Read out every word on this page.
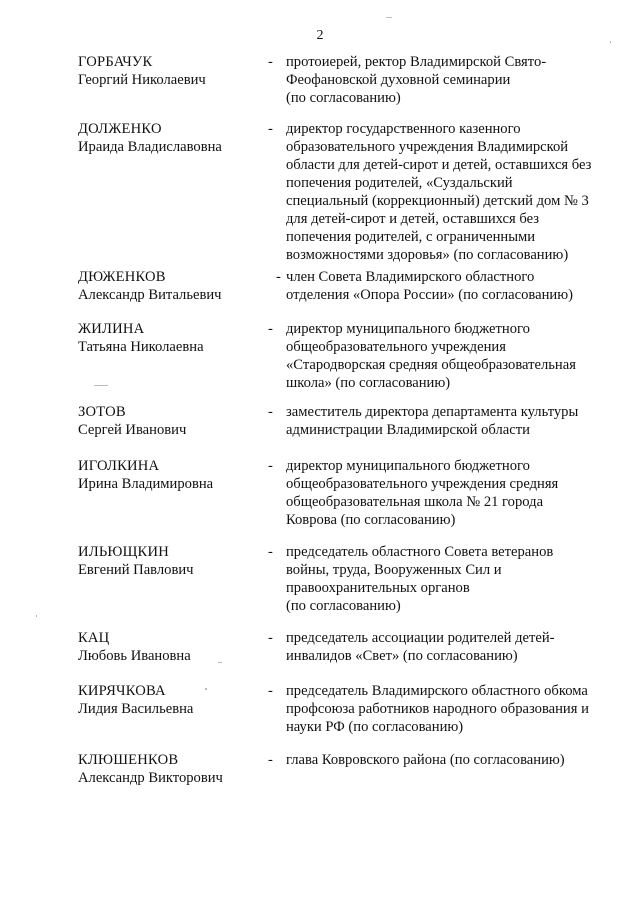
2
ГОРБАЧУК
Георгий Николаевич
- протоиерей, ректор Владимирской Свято-
Феофановской духовной семинарии
(по согласованию)
ДОЛЖЕНКО
Ираида Владиславовна
- директор государственного казенного
образовательного учреждения Владимирской
области для детей-сирот и детей, оставшихся без
попечения родителей, «Суздальский
специальный (коррекционный) детский дом № 3
для детей-сирот и детей, оставшихся без
попечения родителей, с ограниченными
возможностями здоровья» (по согласованию)
ДЮЖЕНКОВ
Александр Витальевич
- член Совета Владимирского областного
отделения «Опора России» (по согласованию)
ЖИЛИНА
Татьяна Николаевна
- директор муниципального бюджетного
общеобразовательного учреждения
«Стародворская средняя общеобразовательная
школа» (по согласованию)
ЗОТОВ
Сергей Иванович
- заместитель директора департамента культуры
администрации Владимирской области
ИГОЛКИНА
Ирина Владимировна
- директор муниципального бюджетного
общеобразовательного учреждения средняя
общеобразовательная школа № 21 города
Коврова (по согласованию)
ИЛЬЮЩКИН
Евгений Павлович
- председатель областного Совета ветеранов
войны, труда, Вооруженных Сил и
правоохранительных органов
(по согласованию)
КАЦ
Любовь Ивановна
- председатель ассоциации родителей детей-
инвалидов «Свет» (по согласованию)
КИРЯЧКОВА
Лидия Васильевна
- председатель Владимирского областного обкома
профсоюза работников народного образования и
науки РФ (по согласованию)
КЛЮШЕНКОВ
Александр Викторович
- глава Ковровского района (по согласованию)
